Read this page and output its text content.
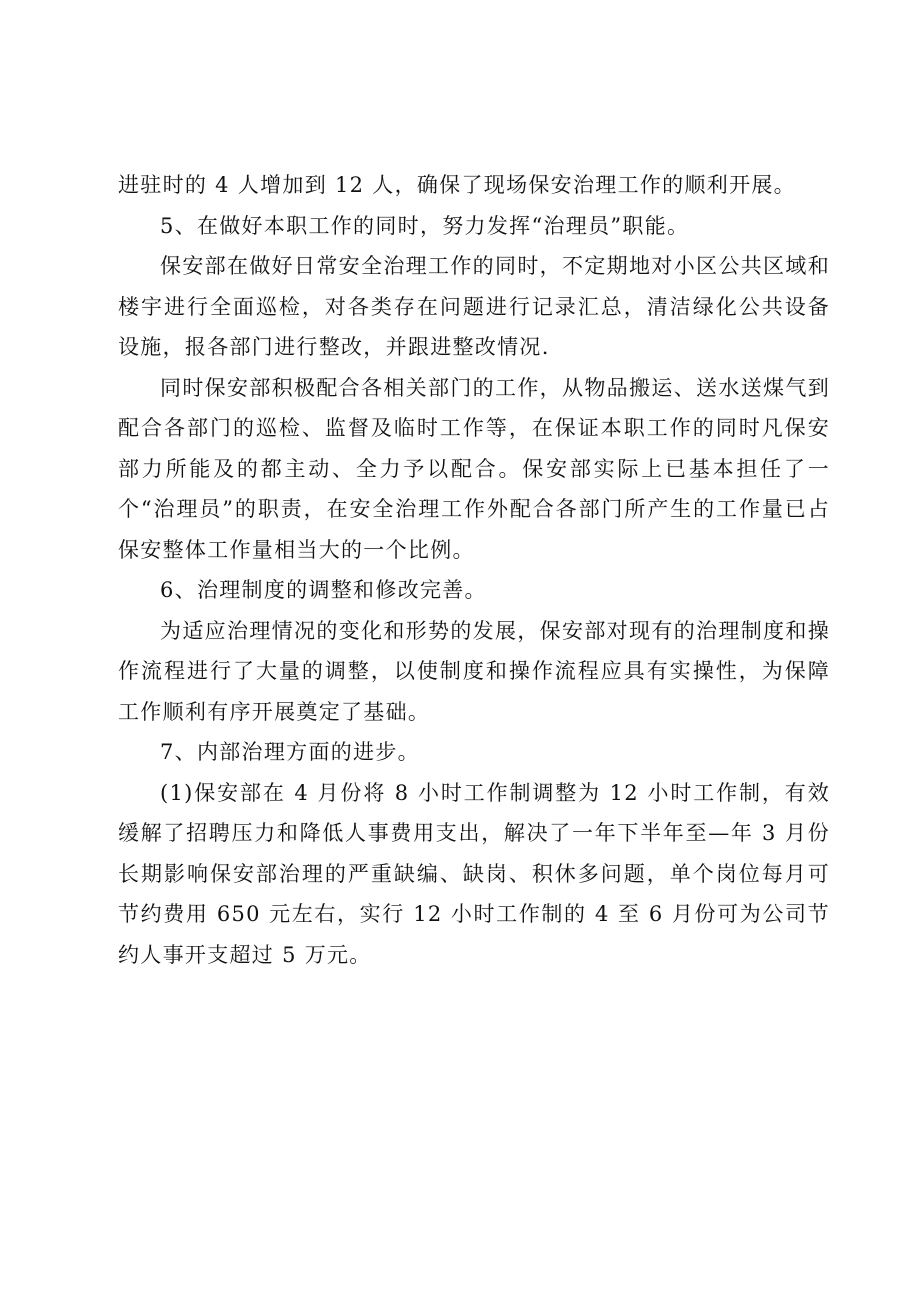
进驻时的 4 人增加到 12 人，确保了现场保安治理工作的顺利开展。

5、在做好本职工作的同时，努力发挥“治理员”职能。

保安部在做好日常安全治理工作的同时，不定期地对小区公共区域和楼宇进行全面巡检，对各类存在问题进行记录汇总，清洁绿化公共设备设施，报各部门进行整改，并跟进整改情况.

同时保安部积极配合各相关部门的工作，从物品搬运、送水送煤气到配合各部门的巡检、监督及临时工作等，在保证本职工作的同时凡保安部力所能及的都主动、全力予以配合。保安部实际上已基本担任了一个“治理员”的职责，在安全治理工作外配合各部门所产生的工作量已占保安整体工作量相当大的一个比例。

6、治理制度的调整和修改完善。

为适应治理情况的变化和形势的发展，保安部对现有的治理制度和操作流程进行了大量的调整，以使制度和操作流程应具有实操性，为保障工作顺利有序开展奠定了基础。

7、内部治理方面的进步。

(1)保安部在 4 月份将 8 小时工作制调整为 12 小时工作制，有效缓解了招聘压力和降低人事费用支出，解决了一年下半年至—年 3 月份长期影响保安部治理的严重缺编、缺岗、积休多问题，单个岗位每月可节约费用 650 元左右，实行 12 小时工作制的 4 至 6 月份可为公司节约人事开支超过 5 万元。
